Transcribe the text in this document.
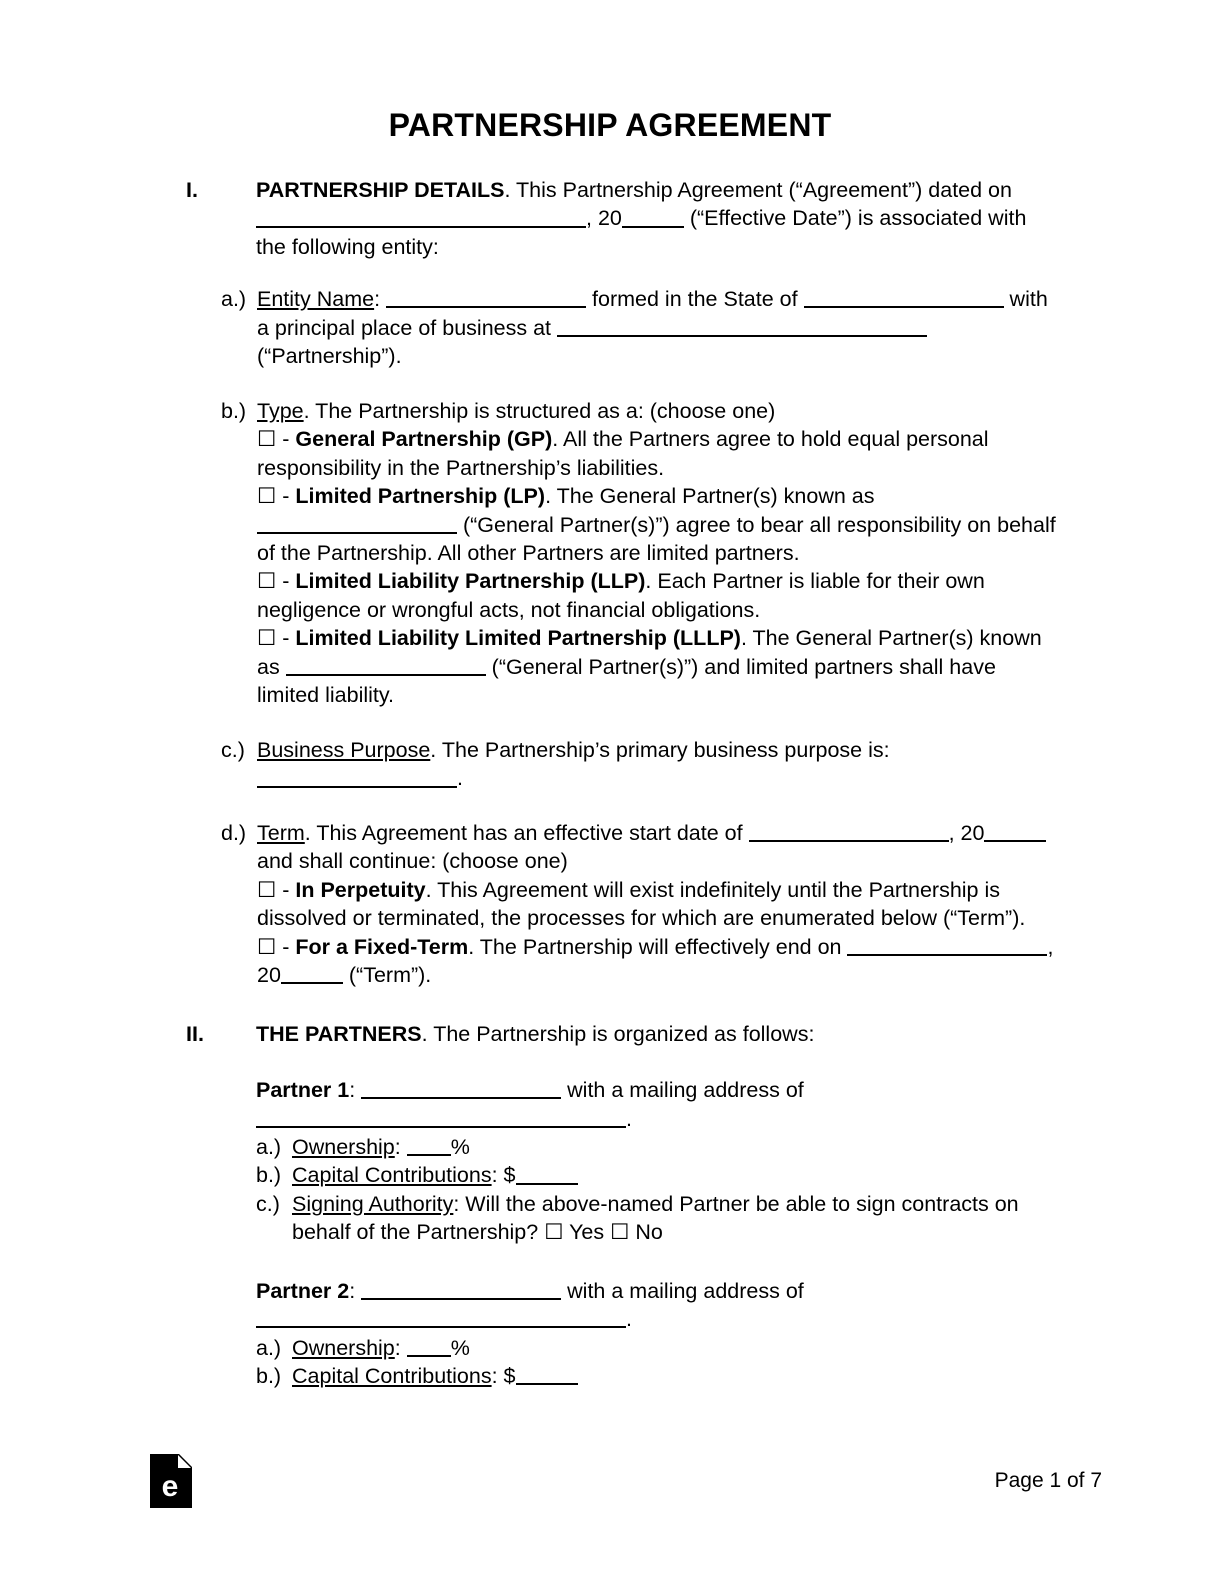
PARTNERSHIP AGREEMENT
I.	PARTNERSHIP DETAILS. This Partnership Agreement (“Agreement”) dated on , 20	(“Effective Date”) is associated with the following entity:
a.) Entity Name:	formed in the State of	with a principal place of business at  (“Partnership”).
b.) Type. The Partnership is structured as a: (choose one)
☐ - General Partnership (GP). All the Partners agree to hold equal personal responsibility in the Partnership’s liabilities.
☐ - Limited Partnership (LP). The General Partner(s) known as  (“General Partner(s)”) agree to bear all responsibility on behalf of the Partnership. All other Partners are limited partners.
☐ - Limited Liability Partnership (LLP). Each Partner is liable for their own negligence or wrongful acts, not financial obligations.
☐ - Limited Liability Limited Partnership (LLLP). The General Partner(s) known as	(“General Partner(s)”) and limited partners shall have limited liability.
c.) Business Purpose. The Partnership’s primary business purpose is: .
d.) Term. This Agreement has an effective start date of	, 20 and shall continue: (choose one)
☐ - In Perpetuity. This Agreement will exist indefinitely until the Partnership is dissolved or terminated, the processes for which are enumerated below (“Term”).
☐ - For a Fixed-Term. The Partnership will effectively end on	, 20	(“Term”).
II.	THE PARTNERS. The Partnership is organized as follows:
Partner 1:	with a mailing address of .
a.) Ownership: %
b.) Capital Contributions: $
c.) Signing Authority: Will the above-named Partner be able to sign contracts on behalf of the Partnership? ☐ Yes ☐ No
Partner 2:	with a mailing address of .
a.) Ownership: %
b.) Capital Contributions: $
e	Page 1 of 7
